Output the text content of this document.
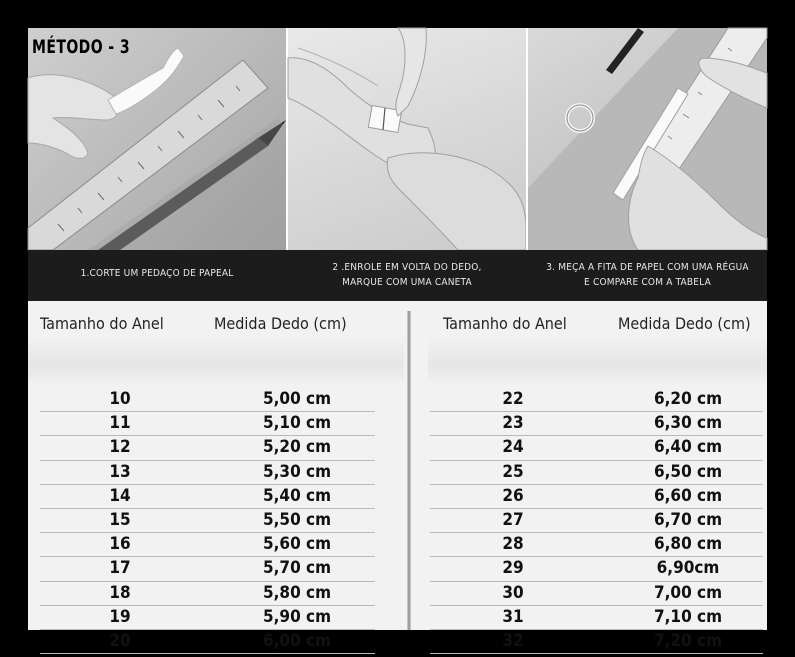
MÉTODO - 3
1.CORTE UM PEDAÇO DE PAPEAL
2 .ENROLE EM VOLTA DO DEDO,
MARQUE COM UMA CANETA
3. MEÇA A FITA DE PAPEL COM UMA RÉGUA
E COMPARE COM A TABELA
Tamanho do Anel	Medida Dedo (cm)
10	5,00 cm
11	5,10 cm
12	5,20 cm
13	5,30 cm
14	5,40 cm
15	5,50 cm
16	5,60 cm
17	5,70 cm
18	5,80 cm
19	5,90 cm
20	6,00 cm
Tamanho do Anel	Medida Dedo (cm)
22	6,20 cm
23	6,30 cm
24	6,40 cm
25	6,50 cm
26	6,60 cm
27	6,70 cm
28	6,80 cm
29	6,90cm
30	7,00 cm
31	7,10 cm
32	7,20 cm
